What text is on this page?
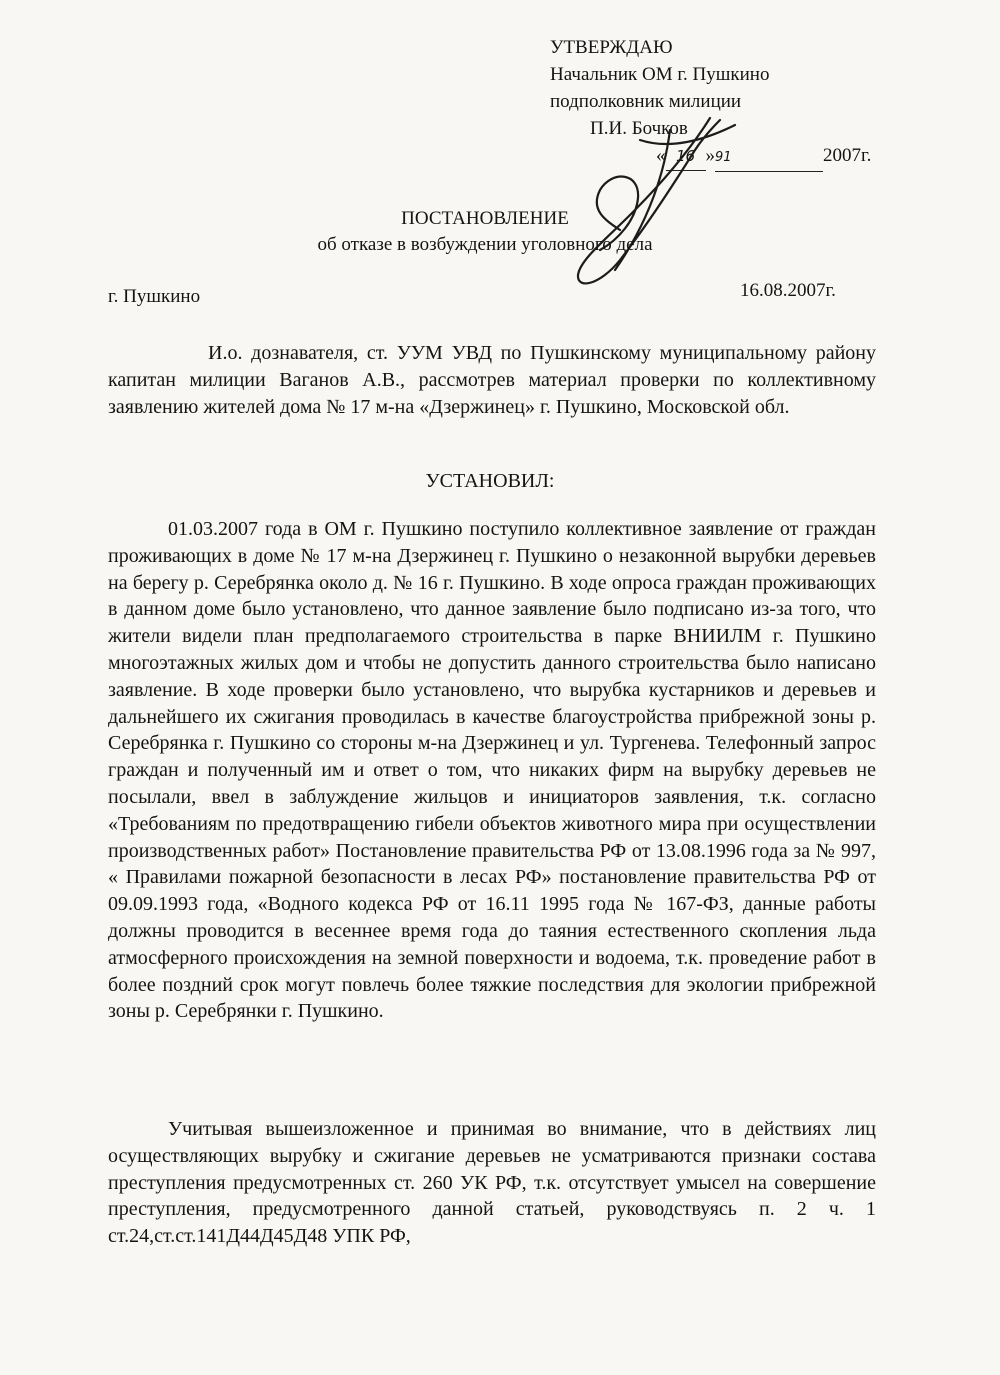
УТВЕРЖДАЮ
Начальник ОМ г. Пушкино
подполковник милиции
П.И. Бочков
« 16 »91	2007г.
ПОСТАНОВЛЕНИЕ
об отказе в возбуждении уголовного дела
г. Пушкино	16.08.2007г.
И.о. дознавателя, ст. УУМ УВД по Пушкинскому муниципальному району капитан милиции Ваганов А.В., рассмотрев материал проверки по коллективному заявлению жителей дома № 17 м-на «Дзержинец» г. Пушкино, Московской обл.
УСТАНОВИЛ:
01.03.2007 года в ОМ г. Пушкино поступило коллективное заявление от граждан проживающих в доме № 17 м-на Дзержинец г. Пушкино о незаконной вырубки деревьев на берегу р. Серебрянка около д. № 16 г. Пушкино. В ходе опроса граждан проживающих в данном доме было установлено, что данное заявление было подписано из-за того, что жители видели план предполагаемого строительства в парке ВНИИЛМ г. Пушкино многоэтажных жилых дом и чтобы не допустить данного строительства было написано заявление. В ходе проверки было установлено, что вырубка кустарников и деревьев и дальнейшего их сжигания проводилась в качестве благоустройства прибрежной зоны р. Серебрянка г. Пушкино со стороны м-на Дзержинец и ул. Тургенева. Телефонный запрос граждан и полученный им и ответ о том, что никаких фирм на вырубку деревьев не посылали, ввел в заблуждение жильцов и инициаторов заявления, т.к. согласно «Требованиям по предотвращению гибели объектов животного мира при осуществлении производственных работ» Постановление правительства РФ от 13.08.1996 года за № 997, « Правилами пожарной безопасности в лесах РФ» постановление правительства РФ от 09.09.1993 года, «Водного кодекса РФ от 16.11 1995 года № 167-ФЗ, данные работы должны проводится в весеннее время года до таяния естественного скопления льда атмосферного происхождения на земной поверхности и водоема, т.к. проведение работ в более поздний срок могут повлечь более тяжкие последствия для экологии прибрежной зоны р. Серебрянки г. Пушкино.
Учитывая вышеизложенное и принимая во внимание, что в действиях лиц осуществляющих вырубку и сжигание деревьев не усматриваются признаки состава преступления предусмотренных ст. 260 УК РФ, т.к. отсутствует умысел на совершение преступления, предусмотренного данной статьей, руководствуясь п. 2 ч. 1 ст.24,ст.ст.141Д44Д45Д48 УПК РФ,
